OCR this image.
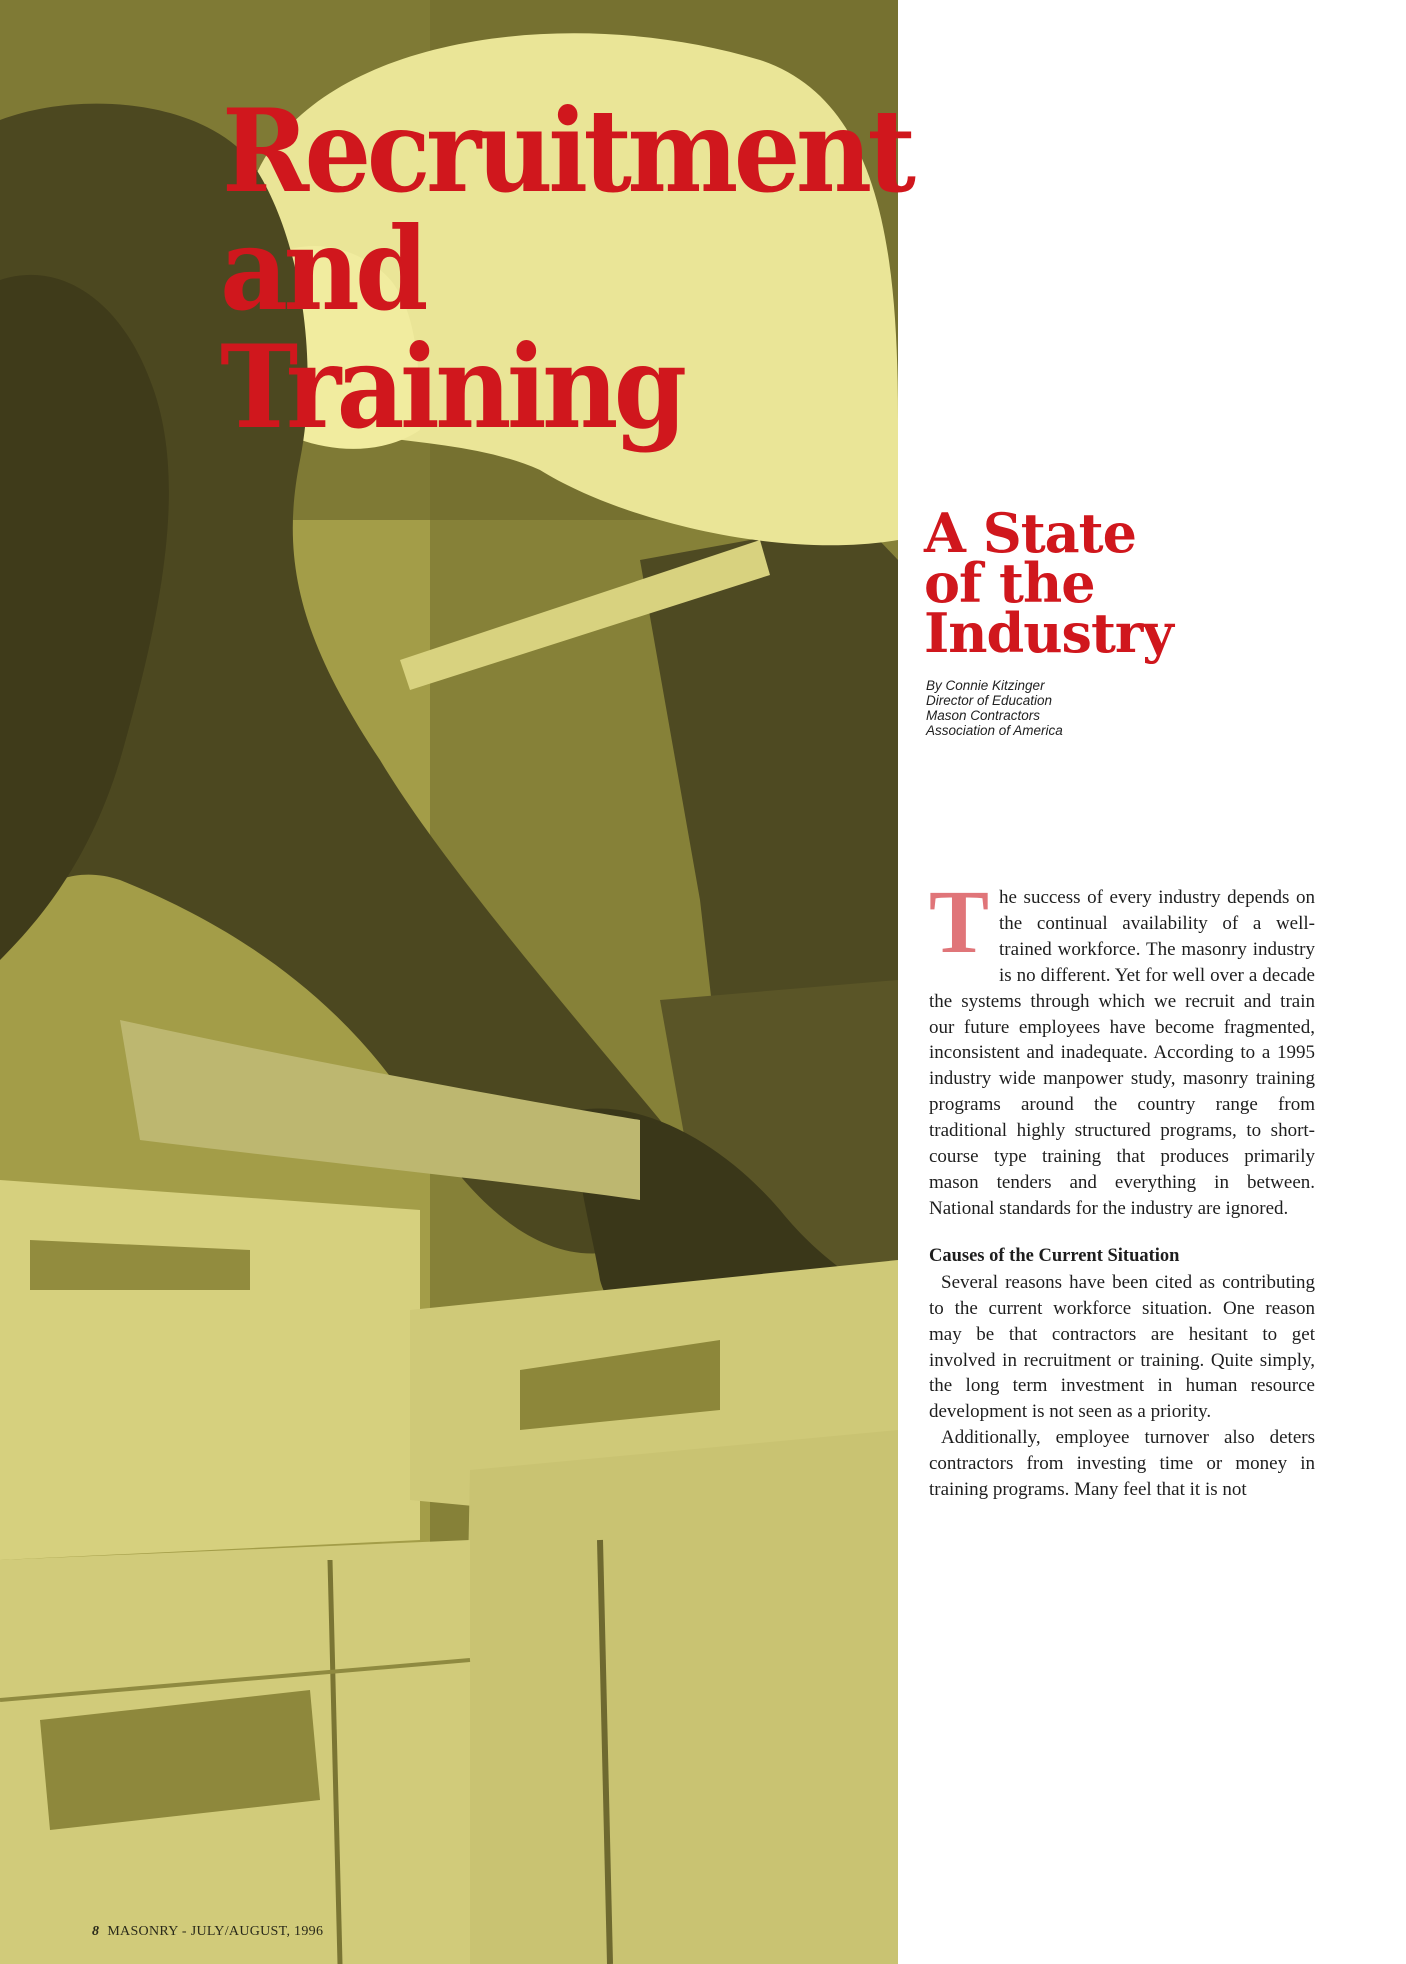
Recruitment
and Training
A State
of the
Industry
By Connie Kitzinger
Director of Education
Mason Contractors
Association of America

The success of every industry depends on the continual availability of a well-trained workforce. The masonry industry is no different. Yet for well over a decade the systems through which we recruit and train our future employees have become fragmented, inconsistent and inadequate. According to a 1995 industry wide manpower study, masonry training programs around the country range from traditional highly structured programs, to short-course type training that produces primarily mason tenders and everything in between. National standards for the industry are ignored.

Causes of the Current Situation

Several reasons have been cited as contributing to the current workforce situation. One reason may be that contractors are hesitant to get involved in recruitment or training. Quite simply, the long term investment in human resource development is not seen as a priority.

Additionally, employee turnover also deters contractors from investing time or money in training programs. Many feel that it is not

8 MASONRY - JULY/AUGUST, 1996
